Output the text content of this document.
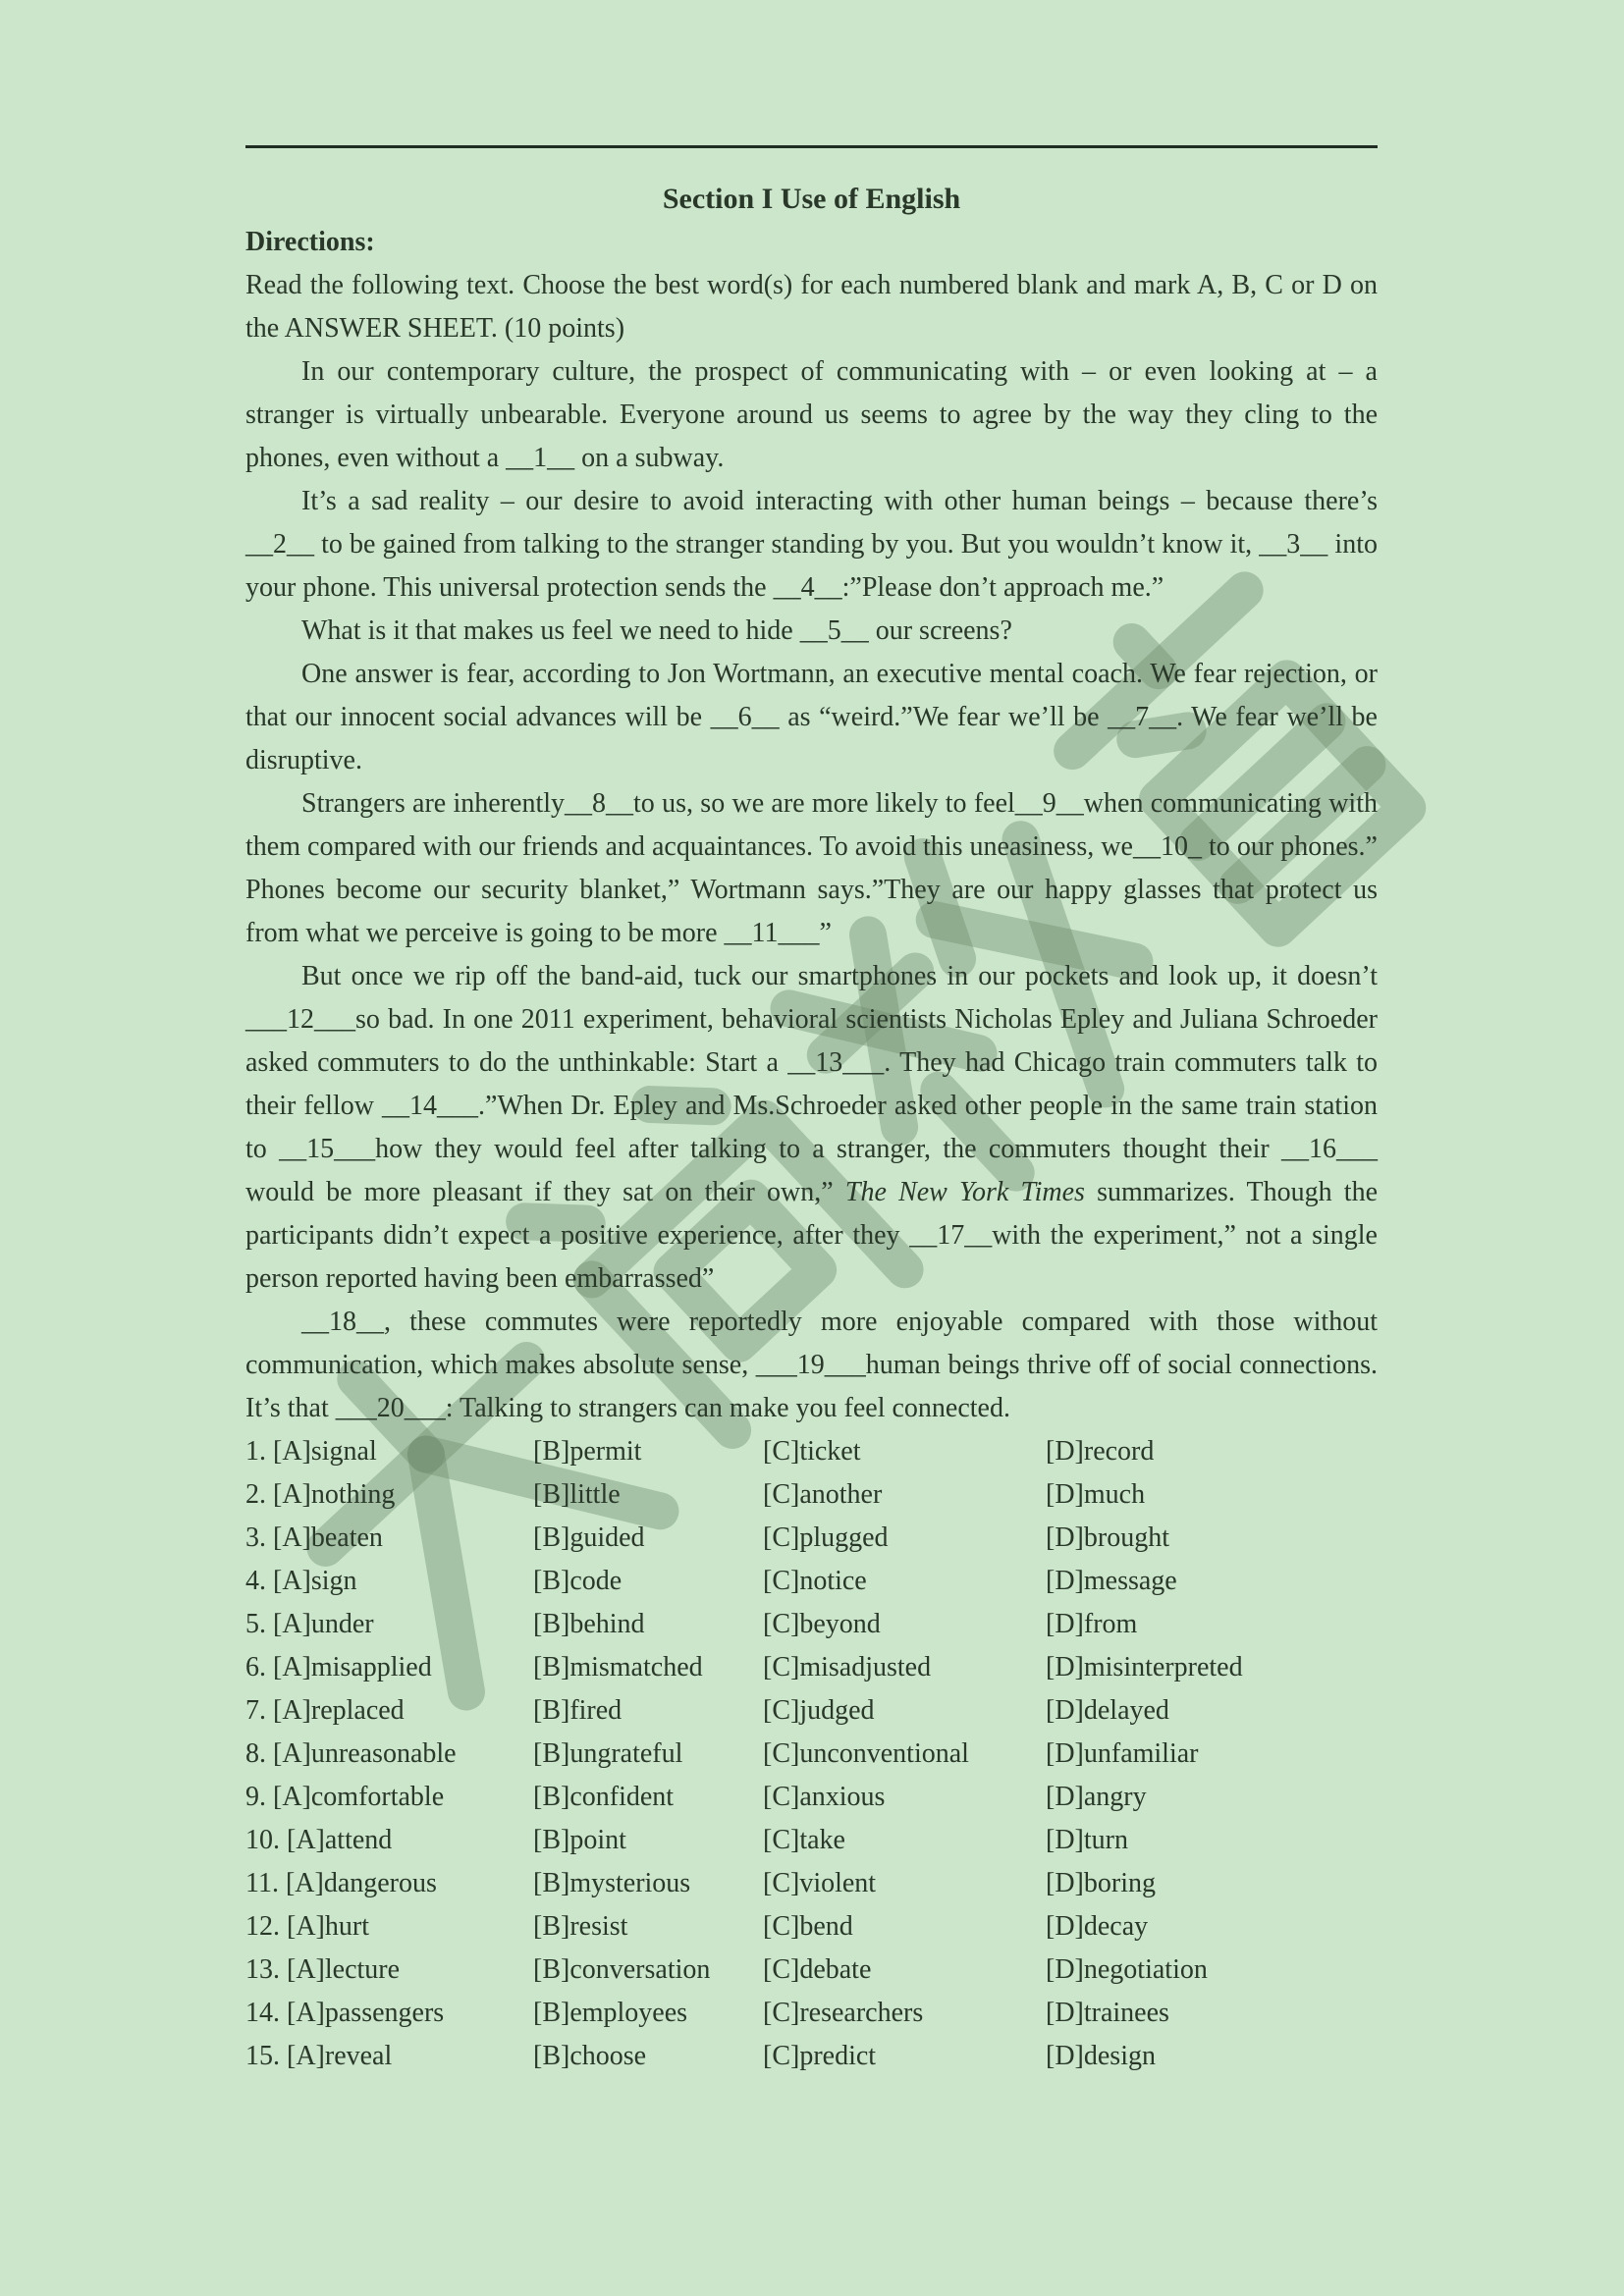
Section I Use of English

Directions:

Read the following text. Choose the best word(s) for each numbered blank and mark A, B, C or D on the ANSWER SHEET. (10 points)

In our contemporary culture, the prospect of communicating with – or even looking at – a stranger is virtually unbearable. Everyone around us seems to agree by the way they cling to the phones, even without a __1__ on a subway.

It’s a sad reality – our desire to avoid interacting with other human beings – because there’s __2__ to be gained from talking to the stranger standing by you. But you wouldn’t know it, __3__ into your phone. This universal protection sends the __4__:”Please don’t approach me.”

What is it that makes us feel we need to hide __5__ our screens?

One answer is fear, according to Jon Wortmann, an executive mental coach. We fear rejection, or that our innocent social advances will be __6__ as “weird.”We fear we’ll be __7__. We fear we’ll be disruptive.

Strangers are inherently__8__to us, so we are more likely to feel__9__when communicating with them compared with our friends and acquaintances. To avoid this uneasiness, we__10_ to our phones.” Phones become our security blanket,” Wortmann says.”They are our happy glasses that protect us from what we perceive is going to be more __11___”

But once we rip off the band-aid, tuck our smartphones in our pockets and look up, it doesn’t ___12___so bad. In one 2011 experiment, behavioral scientists Nicholas Epley and Juliana Schroeder asked commuters to do the unthinkable: Start a __13___. They had Chicago train commuters talk to their fellow __14___.”When Dr. Epley and Ms.Schroeder asked other people in the same train station to __15___how they would feel after talking to a stranger, the commuters thought their __16___ would be more pleasant if they sat on their own,” The New York Times summarizes. Though the participants didn’t expect a positive experience, after they __17__with the experiment,” not a single person reported having been embarrassed”

__18__, these commutes were reportedly more enjoyable compared with those without communication, which makes absolute sense, ___19___human beings thrive off of social connections. It’s that ___20___: Talking to strangers can make you feel connected.

1. [A]signal	[B]permit	[C]ticket	[D]record
2. [A]nothing	[B]little	[C]another	[D]much
3. [A]beaten	[B]guided	[C]plugged	[D]brought
4. [A]sign	[B]code	[C]notice	[D]message
5. [A]under	[B]behind	[C]beyond	[D]from
6. [A]misapplied	[B]mismatched	[C]misadjusted	[D]misinterpreted
7. [A]replaced	[B]fired	[C]judged	[D]delayed
8. [A]unreasonable	[B]ungrateful	[C]unconventional	[D]unfamiliar
9. [A]comfortable	[B]confident	[C]anxious	[D]angry
10. [A]attend	[B]point	[C]take	[D]turn
11. [A]dangerous	[B]mysterious	[C]violent	[D]boring
12. [A]hurt	[B]resist	[C]bend	[D]decay
13. [A]lecture	[B]conversation	[C]debate	[D]negotiation
14. [A]passengers	[B]employees	[C]researchers	[D]trainees
15. [A]reveal	[B]choose	[C]predict	[D]design
